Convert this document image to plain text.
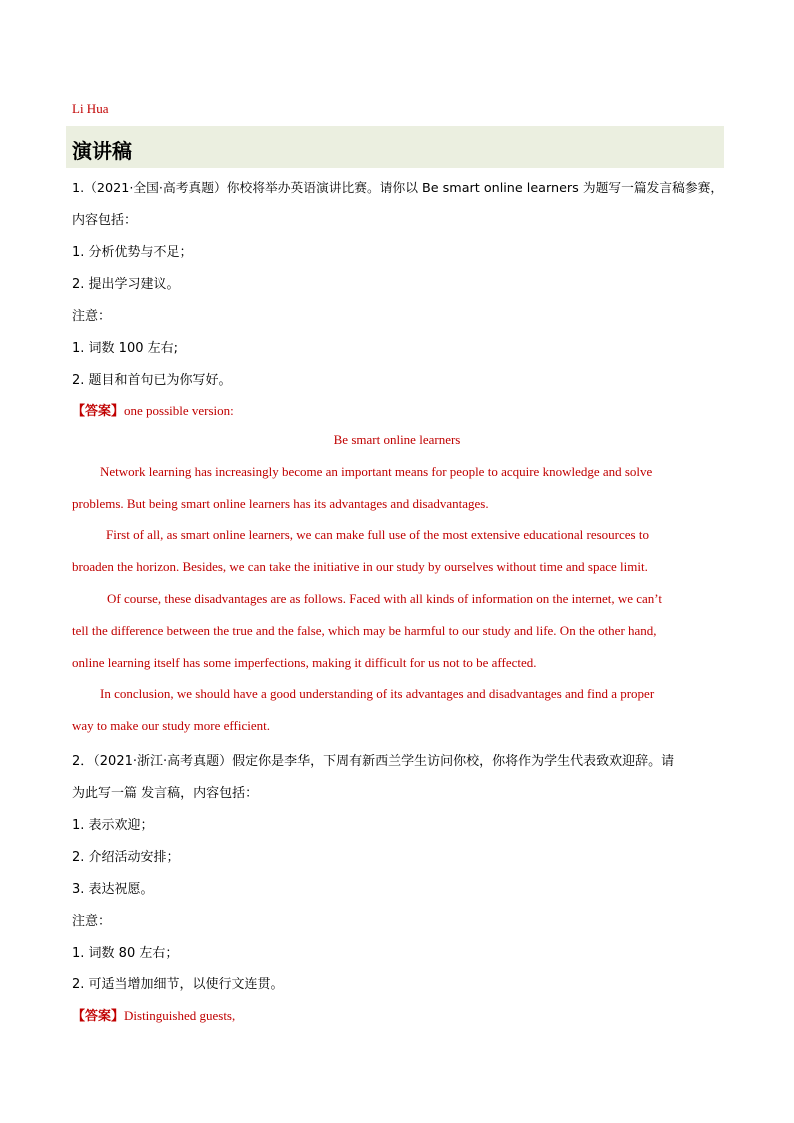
Li Hua
演讲稿
1.（2021·全国·高考真题）你校将举办英语演讲比赛。请你以 Be smart online learners 为题写一篇发言稿参赛，
内容包括：
1. 分析优势与不足；
2. 提出学习建议。
注意：
1. 词数 100 左右;
2. 题目和首句已为你写好。
【答案】one possible version:
Be smart online learners
Network learning has increasingly become an important means for people to acquire knowledge and solve
problems. But being smart online learners has its advantages and disadvantages.
First of all, as smart online learners, we can make full use of the most extensive educational resources to
broaden the horizon. Besides, we can take the initiative in our study by ourselves without time and space limit.
Of course, these disadvantages are as follows. Faced with all kinds of information on the internet, we can’t
tell the difference between the true and the false, which may be harmful to our study and life. On the other hand,
online learning itself has some imperfections, making it difficult for us not to be affected.
In conclusion, we should have a good understanding of its advantages and disadvantages and find a proper
way to make our study more efficient.
2．（2021·浙江·高考真题）假定你是李华，下周有新西兰学生访问你校，你将作为学生代表致欢迎辞。请
为此写一篇 发言稿，内容包括：
1. 表示欢迎；
2. 介绍活动安排；
3. 表达祝愿。
注意：
1. 词数 80 左右；
2. 可适当增加细节，以使行文连贯。
【答案】Distinguished guests,
